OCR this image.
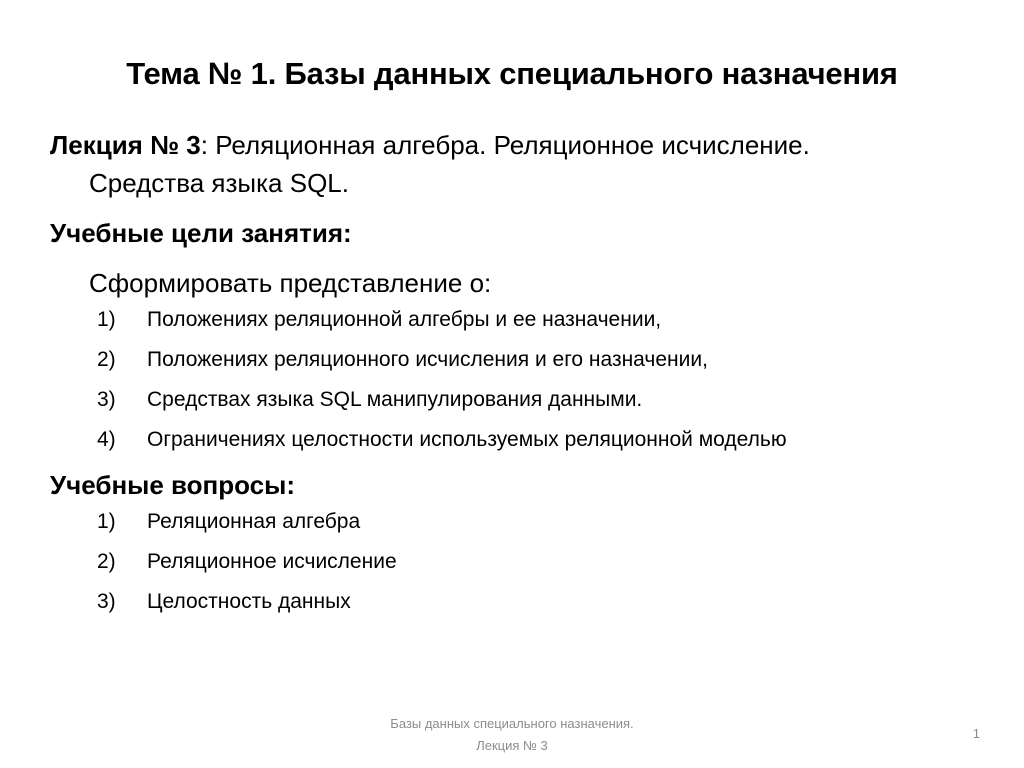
Тема № 1. Базы данных специального назначения

Лекция № 3: Реляционная алгебра. Реляционное исчисление.

Средства языка SQL.

Учебные цели занятия:

Сформировать представление о:

1) Положениях реляционной алгебры и ее назначении,
2) Положениях реляционного исчисления и его назначении,
3) Средствах языка SQL манипулирования данными.
4) Ограничениях целостности используемых реляционной моделью

Учебные вопросы:

1) Реляционная алгебра
2) Реляционное исчисление
3) Целостность данных
Базы данных специального назначения.
Лекция № 3
1
